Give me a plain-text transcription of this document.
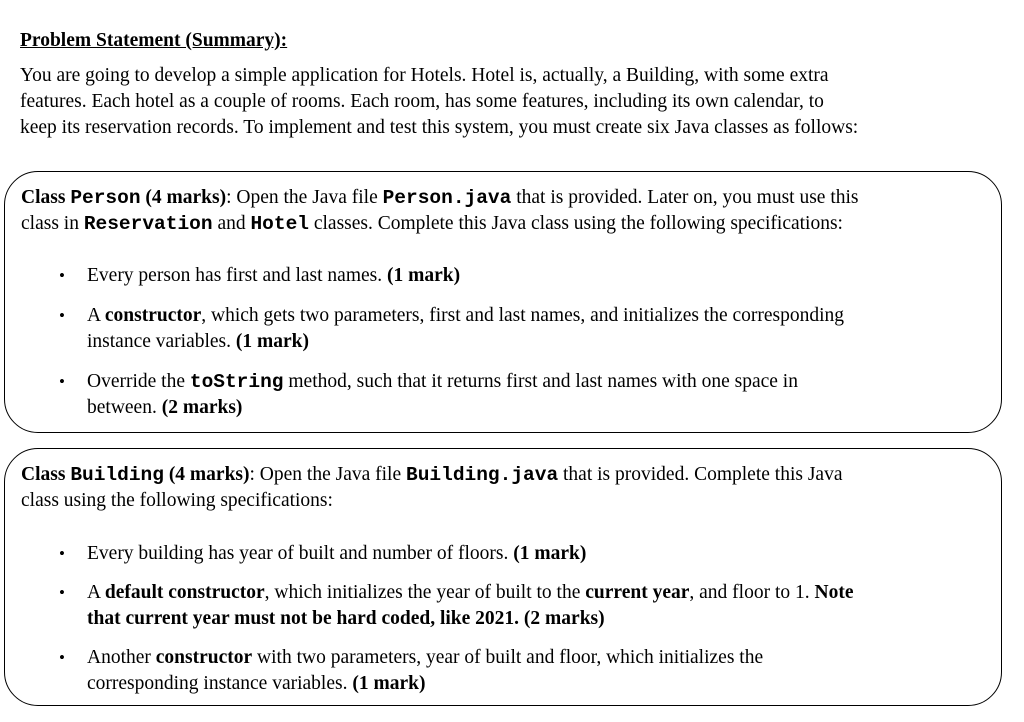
Problem Statement (Summary):
You are going to develop a simple application for Hotels. Hotel is, actually, a Building, with some extra
features. Each hotel as a couple of rooms. Each room, has some features, including its own calendar, to
keep its reservation records. To implement and test this system, you must create six Java classes as follows:
Class Person (4 marks): Open the Java file Person.java that is provided. Later on, you must use this
class in Reservation and Hotel classes. Complete this Java class using the following specifications:
• Every person has first and last names. (1 mark)
• A constructor, which gets two parameters, first and last names, and initializes the corresponding
instance variables. (1 mark)
• Override the toString method, such that it returns first and last names with one space in
between. (2 marks)
Class Building (4 marks): Open the Java file Building.java that is provided. Complete this Java
class using the following specifications:
• Every building has year of built and number of floors. (1 mark)
• A default constructor, which initializes the year of built to the current year, and floor to 1. Note
that current year must not be hard coded, like 2021. (2 marks)
• Another constructor with two parameters, year of built and floor, which initializes the
corresponding instance variables. (1 mark)
